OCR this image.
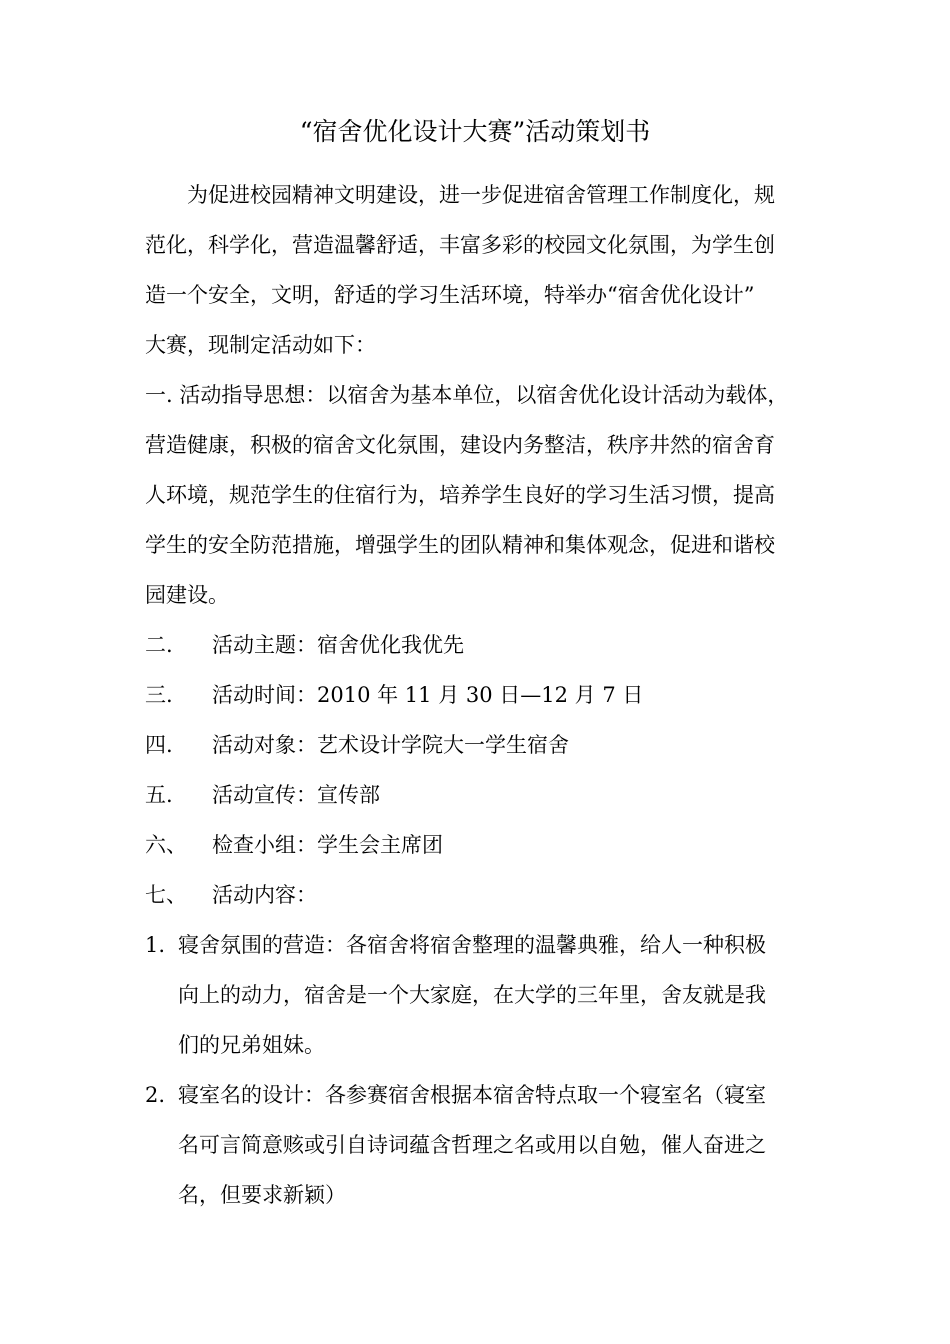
“宿舍优化设计大赛”活动策划书

为促进校园精神文明建设，进一步促进宿舍管理工作制度化，规

范化，科学化，营造温馨舒适，丰富多彩的校园文化氛围，为学生创

造一个安全，文明，舒适的学习生活环境，特举办“宿舍优化设计”

大赛，现制定活动如下：

一. 活动指导思想：以宿舍为基本单位，以宿舍优化设计活动为载体，

营造健康，积极的宿舍文化氛围，建设内务整洁，秩序井然的宿舍育

人环境，规范学生的住宿行为，培养学生良好的学习生活习惯，提高

学生的安全防范措施，增强学生的团队精神和集体观念，促进和谐校

园建设。

二.	活动主题：宿舍优化我优先

三.	活动时间：2010 年 11 月 30 日—12 月 7 日

四.	活动对象：艺术设计学院大一学生宿舍

五.	活动宣传：宣传部

六、	检查小组：学生会主席团

七、	活动内容：

1. 寝舍氛围的营造：各宿舍将宿舍整理的温馨典雅，给人一种积极
向上的动力，宿舍是一个大家庭，在大学的三年里，舍友就是我
们的兄弟姐妹。
2. 寝室名的设计：各参赛宿舍根据本宿舍特点取一个寝室名（寝室
名可言简意赅或引自诗词蕴含哲理之名或用以自勉，催人奋进之
名，但要求新颖）
